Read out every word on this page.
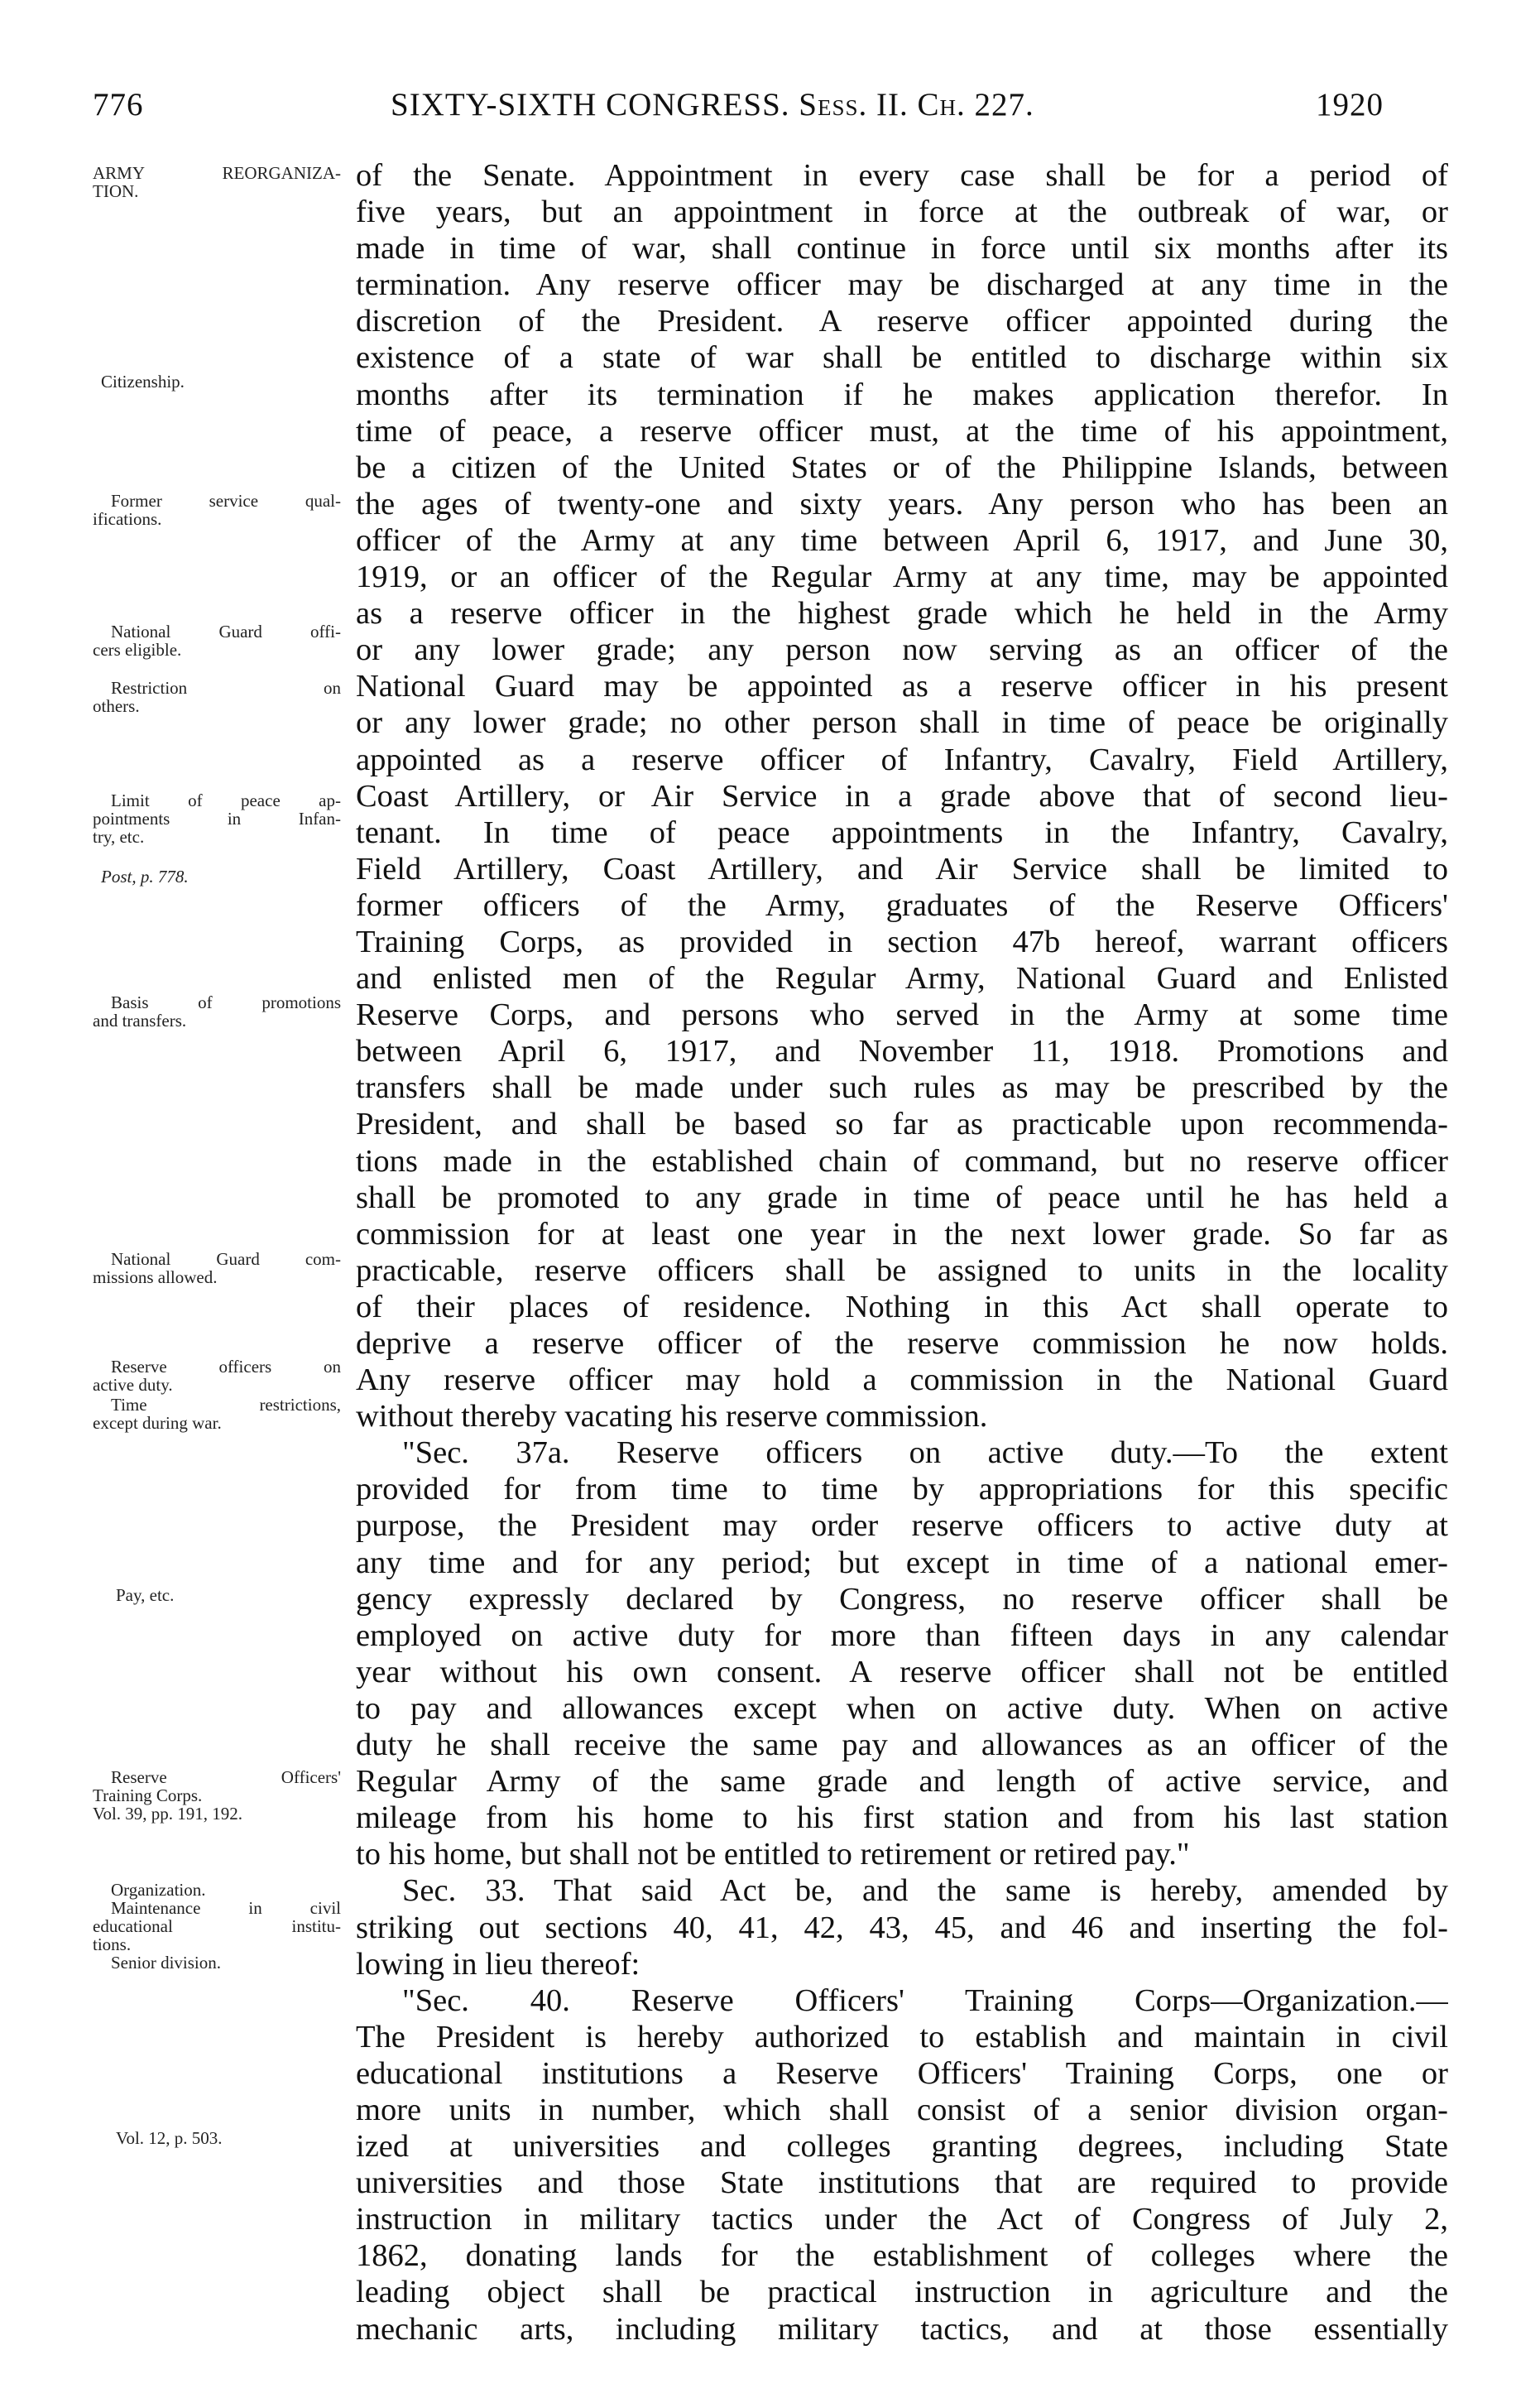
776	SIXTY-SIXTH CONGRESS. Sess. II. Ch. 227.	1920
ARMY REORGANIZA-
TION.
Citizenship.
Former service qual-
ifications.
National Guard offi-
cers eligible.
Restriction on
others.
Limit of peace ap-
pointments in Infan-
try, etc.
Post, p. 778.
Basis of promotions
and transfers.
National Guard com-
missions allowed.
Reserve officers on
active duty.
Time restrictions,
except during war.
Pay, etc.
Reserve Officers'
Training Corps.
Vol. 39, pp. 191, 192.
Organization.
Maintenance in civil
educational institu-
tions.
Senior division.
Vol. 12, p. 503.
of the Senate. Appointment in every case shall be for a period of
five years, but an appointment in force at the outbreak of war, or
made in time of war, shall continue in force until six months after its
termination. Any reserve officer may be discharged at any time in the
discretion of the President. A reserve officer appointed during the
existence of a state of war shall be entitled to discharge within six
months after its termination if he makes application therefor. In
time of peace, a reserve officer must, at the time of his appointment,
be a citizen of the United States or of the Philippine Islands, between
the ages of twenty-one and sixty years. Any person who has been an
officer of the Army at any time between April 6, 1917, and June 30,
1919, or an officer of the Regular Army at any time, may be appointed
as a reserve officer in the highest grade which he held in the Army
or any lower grade; any person now serving as an officer of the
National Guard may be appointed as a reserve officer in his present
or any lower grade; no other person shall in time of peace be originally
appointed as a reserve officer of Infantry, Cavalry, Field Artillery,
Coast Artillery, or Air Service in a grade above that of second lieu-
tenant. In time of peace appointments in the Infantry, Cavalry,
Field Artillery, Coast Artillery, and Air Service shall be limited to
former officers of the Army, graduates of the Reserve Officers'
Training Corps, as provided in section 47b hereof, warrant officers
and enlisted men of the Regular Army, National Guard and Enlisted
Reserve Corps, and persons who served in the Army at some time
between April 6, 1917, and November 11, 1918. Promotions and
transfers shall be made under such rules as may be prescribed by the
President, and shall be based so far as practicable upon recommenda-
tions made in the established chain of command, but no reserve officer
shall be promoted to any grade in time of peace until he has held a
commission for at least one year in the next lower grade. So far as
practicable, reserve officers shall be assigned to units in the locality
of their places of residence. Nothing in this Act shall operate to
deprive a reserve officer of the reserve commission he now holds.
Any reserve officer may hold a commission in the National Guard
without thereby vacating his reserve commission.
"Sec. 37a. Reserve officers on active duty.—To the extent
provided for from time to time by appropriations for this specific
purpose, the President may order reserve officers to active duty at
any time and for any period; but except in time of a national emer-
gency expressly declared by Congress, no reserve officer shall be
employed on active duty for more than fifteen days in any calendar
year without his own consent. A reserve officer shall not be entitled
to pay and allowances except when on active duty. When on active
duty he shall receive the same pay and allowances as an officer of the
Regular Army of the same grade and length of active service, and
mileage from his home to his first station and from his last station
to his home, but shall not be entitled to retirement or retired pay."
Sec. 33. That said Act be, and the same is hereby, amended by
striking out sections 40, 41, 42, 43, 45, and 46 and inserting the fol-
lowing in lieu thereof:
"Sec. 40. Reserve Officers' Training Corps—Organization.—
The President is hereby authorized to establish and maintain in civil
educational institutions a Reserve Officers' Training Corps, one or
more units in number, which shall consist of a senior division organ-
ized at universities and colleges granting degrees, including State
universities and those State institutions that are required to provide
instruction in military tactics under the Act of Congress of July 2,
1862, donating lands for the establishment of colleges where the
leading object shall be practical instruction in agriculture and the
mechanic arts, including military tactics, and at those essentially
